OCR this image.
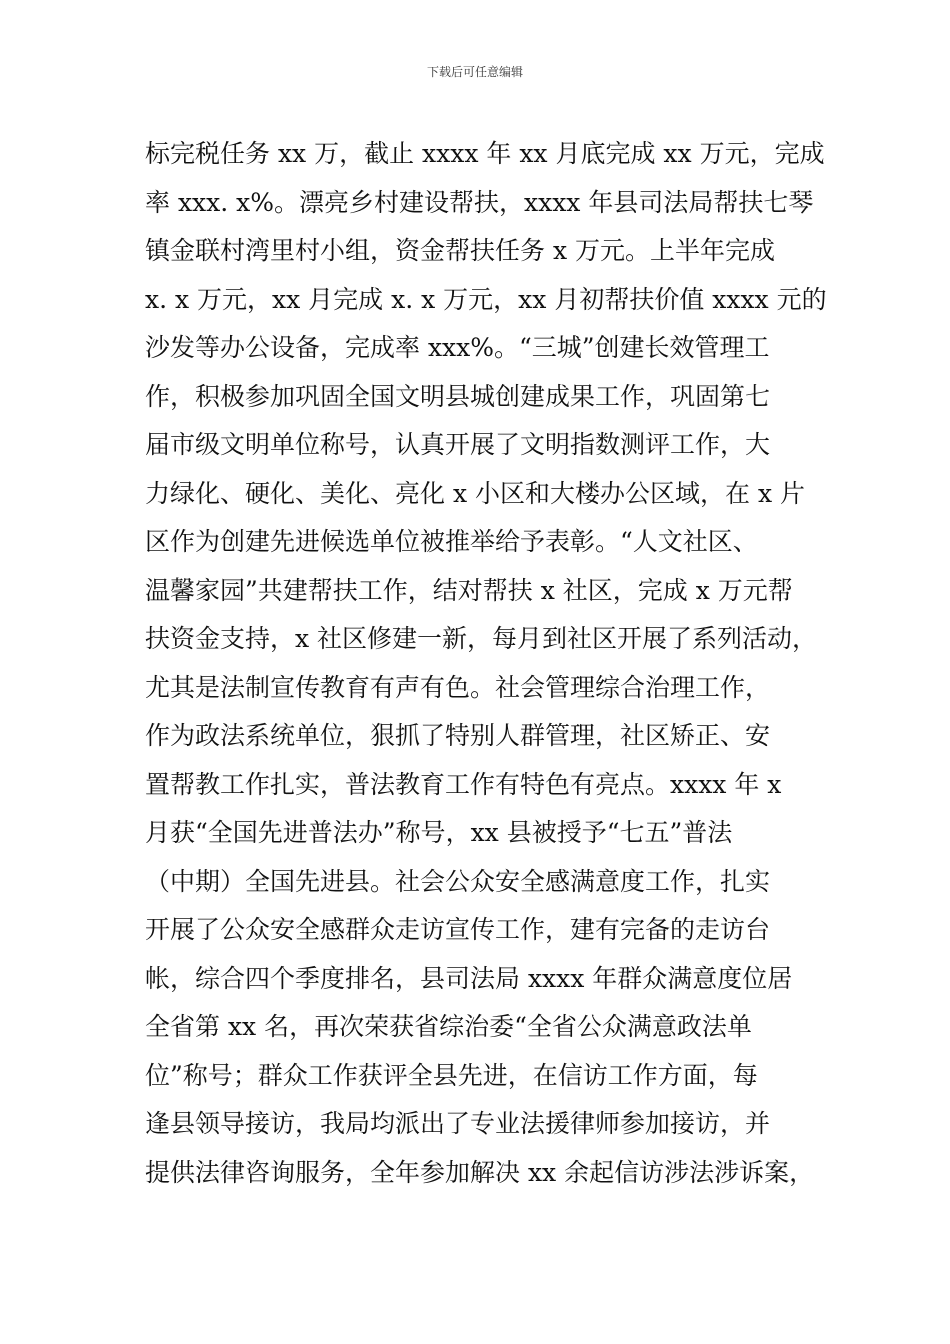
下载后可任意编辑
标完税任务 xx 万，截止 xxxx 年 xx 月底完成 xx 万元，完成
率 xxx. x%。漂亮乡村建设帮扶，xxxx 年县司法局帮扶七琴
镇金联村湾里村小组，资金帮扶任务 x 万元。上半年完成
x. x 万元，xx 月完成 x. x 万元，xx 月初帮扶价值 xxxx 元的
沙发等办公设备，完成率 xxx%。“三城”创建长效管理工
作，积极参加巩固全国文明县城创建成果工作，巩固第七
届市级文明单位称号，认真开展了文明指数测评工作，大
力绿化、硬化、美化、亮化 x 小区和大楼办公区域，在 x 片
区作为创建先进候选单位被推举给予表彰。“人文社区、
温馨家园”共建帮扶工作，结对帮扶 x 社区，完成 x 万元帮
扶资金支持，x 社区修建一新，每月到社区开展了系列活动，
尤其是法制宣传教育有声有色。社会管理综合治理工作，
作为政法系统单位，狠抓了特别人群管理，社区矫正、安
置帮教工作扎实，普法教育工作有特色有亮点。xxxx 年 x
月获“全国先进普法办”称号，xx 县被授予“七五”普法
（中期）全国先进县。社会公众安全感满意度工作，扎实
开展了公众安全感群众走访宣传工作，建有完备的走访台
帐，综合四个季度排名，县司法局 xxxx 年群众满意度位居
全省第 xx 名，再次荣获省综治委“全省公众满意政法单
位”称号；群众工作获评全县先进，在信访工作方面，每
逢县领导接访，我局均派出了专业法援律师参加接访，并
提供法律咨询服务，全年参加解决 xx 余起信访涉法涉诉案，
